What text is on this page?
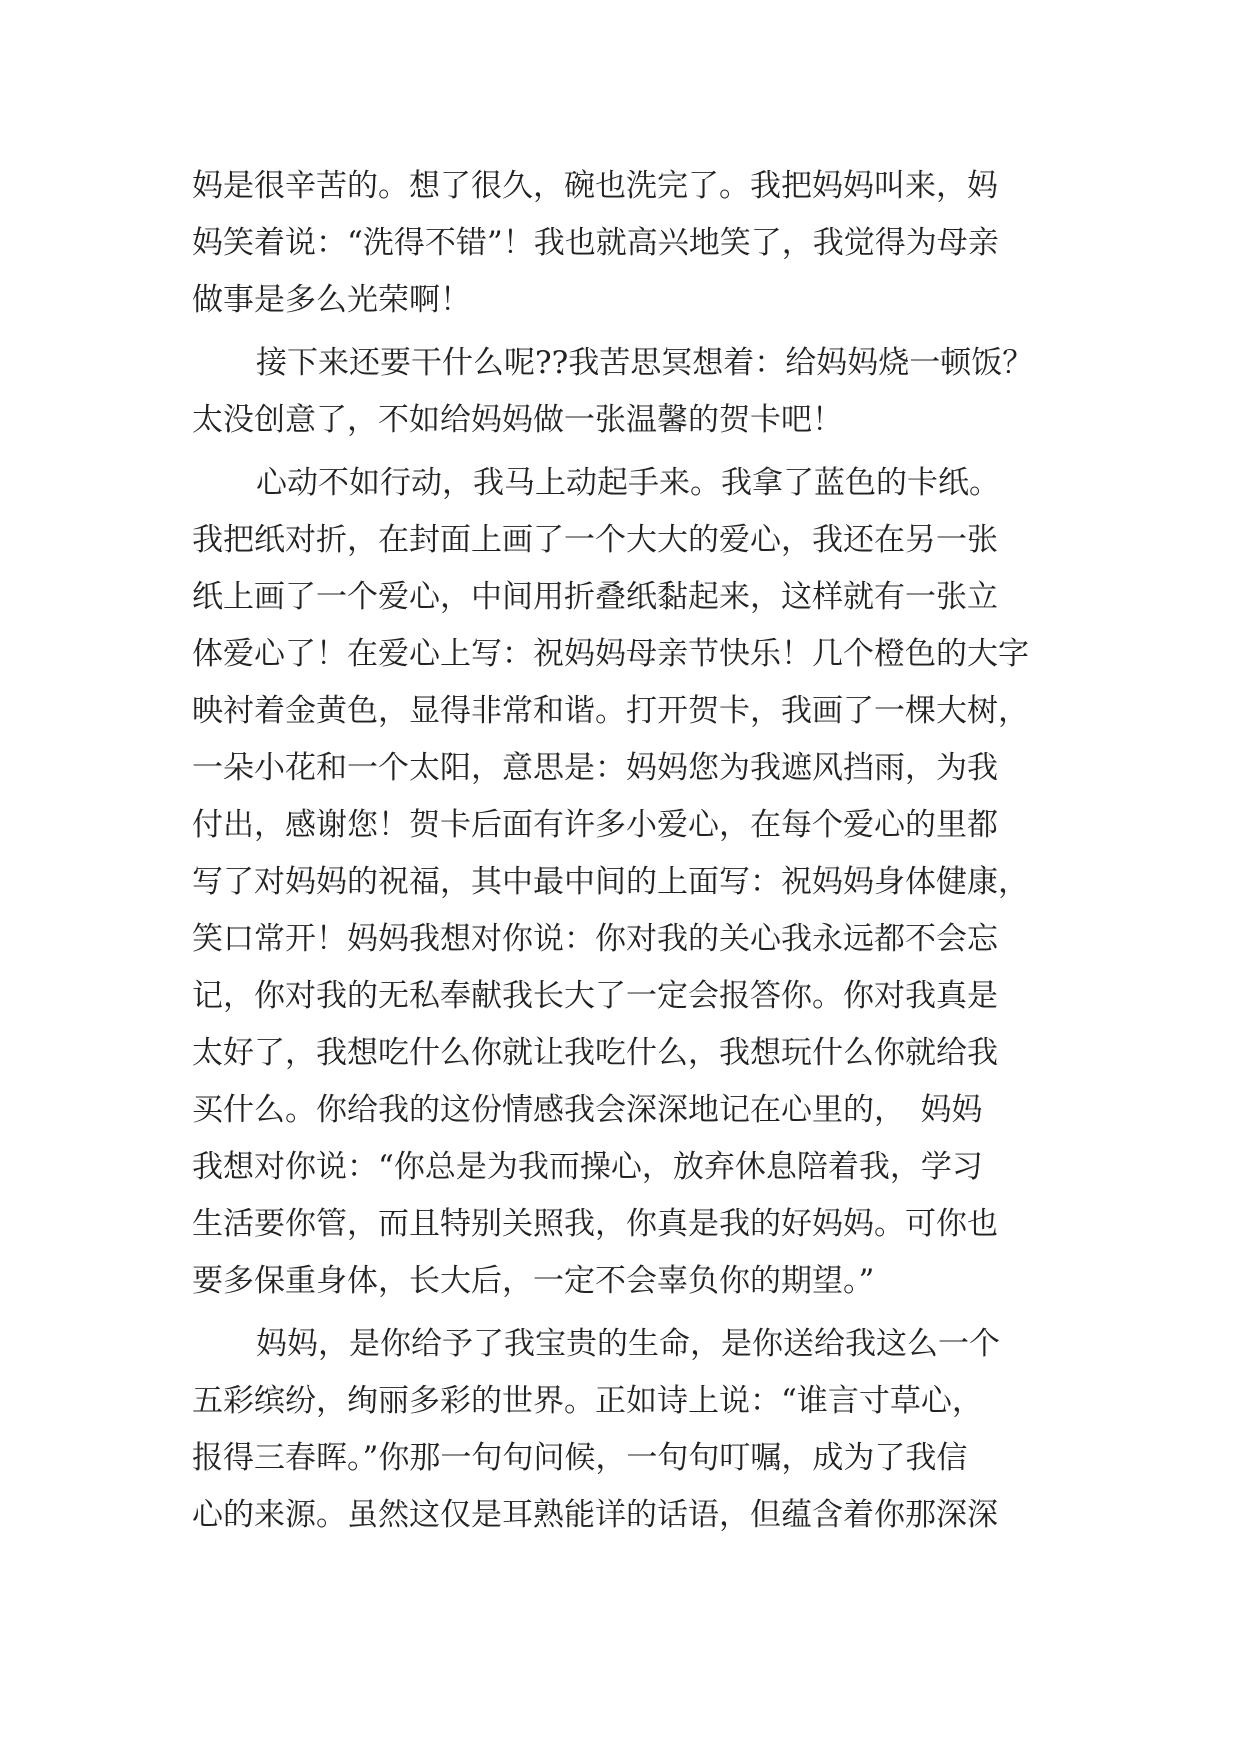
妈是很辛苦的。想了很久，碗也洗完了。我把妈妈叫来，妈
妈笑着说：“洗得不错”！我也就高兴地笑了，我觉得为母亲
做事是多么光荣啊！
接下来还要干什么呢??我苦思冥想着：给妈妈烧一顿饭？
太没创意了，不如给妈妈做一张温馨的贺卡吧！
心动不如行动，我马上动起手来。我拿了蓝色的卡纸。
我把纸对折，在封面上画了一个大大的爱心，我还在另一张
纸上画了一个爱心，中间用折叠纸黏起来，这样就有一张立
体爱心了！在爱心上写：祝妈妈母亲节快乐！几个橙色的大字
映衬着金黄色，显得非常和谐。打开贺卡，我画了一棵大树，
一朵小花和一个太阳，意思是：妈妈您为我遮风挡雨，为我
付出，感谢您！贺卡后面有许多小爱心，在每个爱心的里都
写了对妈妈的祝福，其中最中间的上面写：祝妈妈身体健康，
笑口常开！妈妈我想对你说：你对我的关心我永远都不会忘
记，你对我的无私奉献我长大了一定会报答你。你对我真是
太好了，我想吃什么你就让我吃什么，我想玩什么你就给我
买什么。你给我的这份情感我会深深地记在心里的，　妈妈
我想对你说：“你总是为我而操心，放弃休息陪着我，学习
生活要你管，而且特别关照我，你真是我的好妈妈。可你也
要多保重身体，长大后，一定不会辜负你的期望。”
妈妈，是你给予了我宝贵的生命，是你送给我这么一个
五彩缤纷，绚丽多彩的世界。正如诗上说：“谁言寸草心，
报得三春晖。”你那一句句问候，一句句叮嘱，成为了我信
心的来源。虽然这仅是耳熟能详的话语，但蕴含着你那深深
